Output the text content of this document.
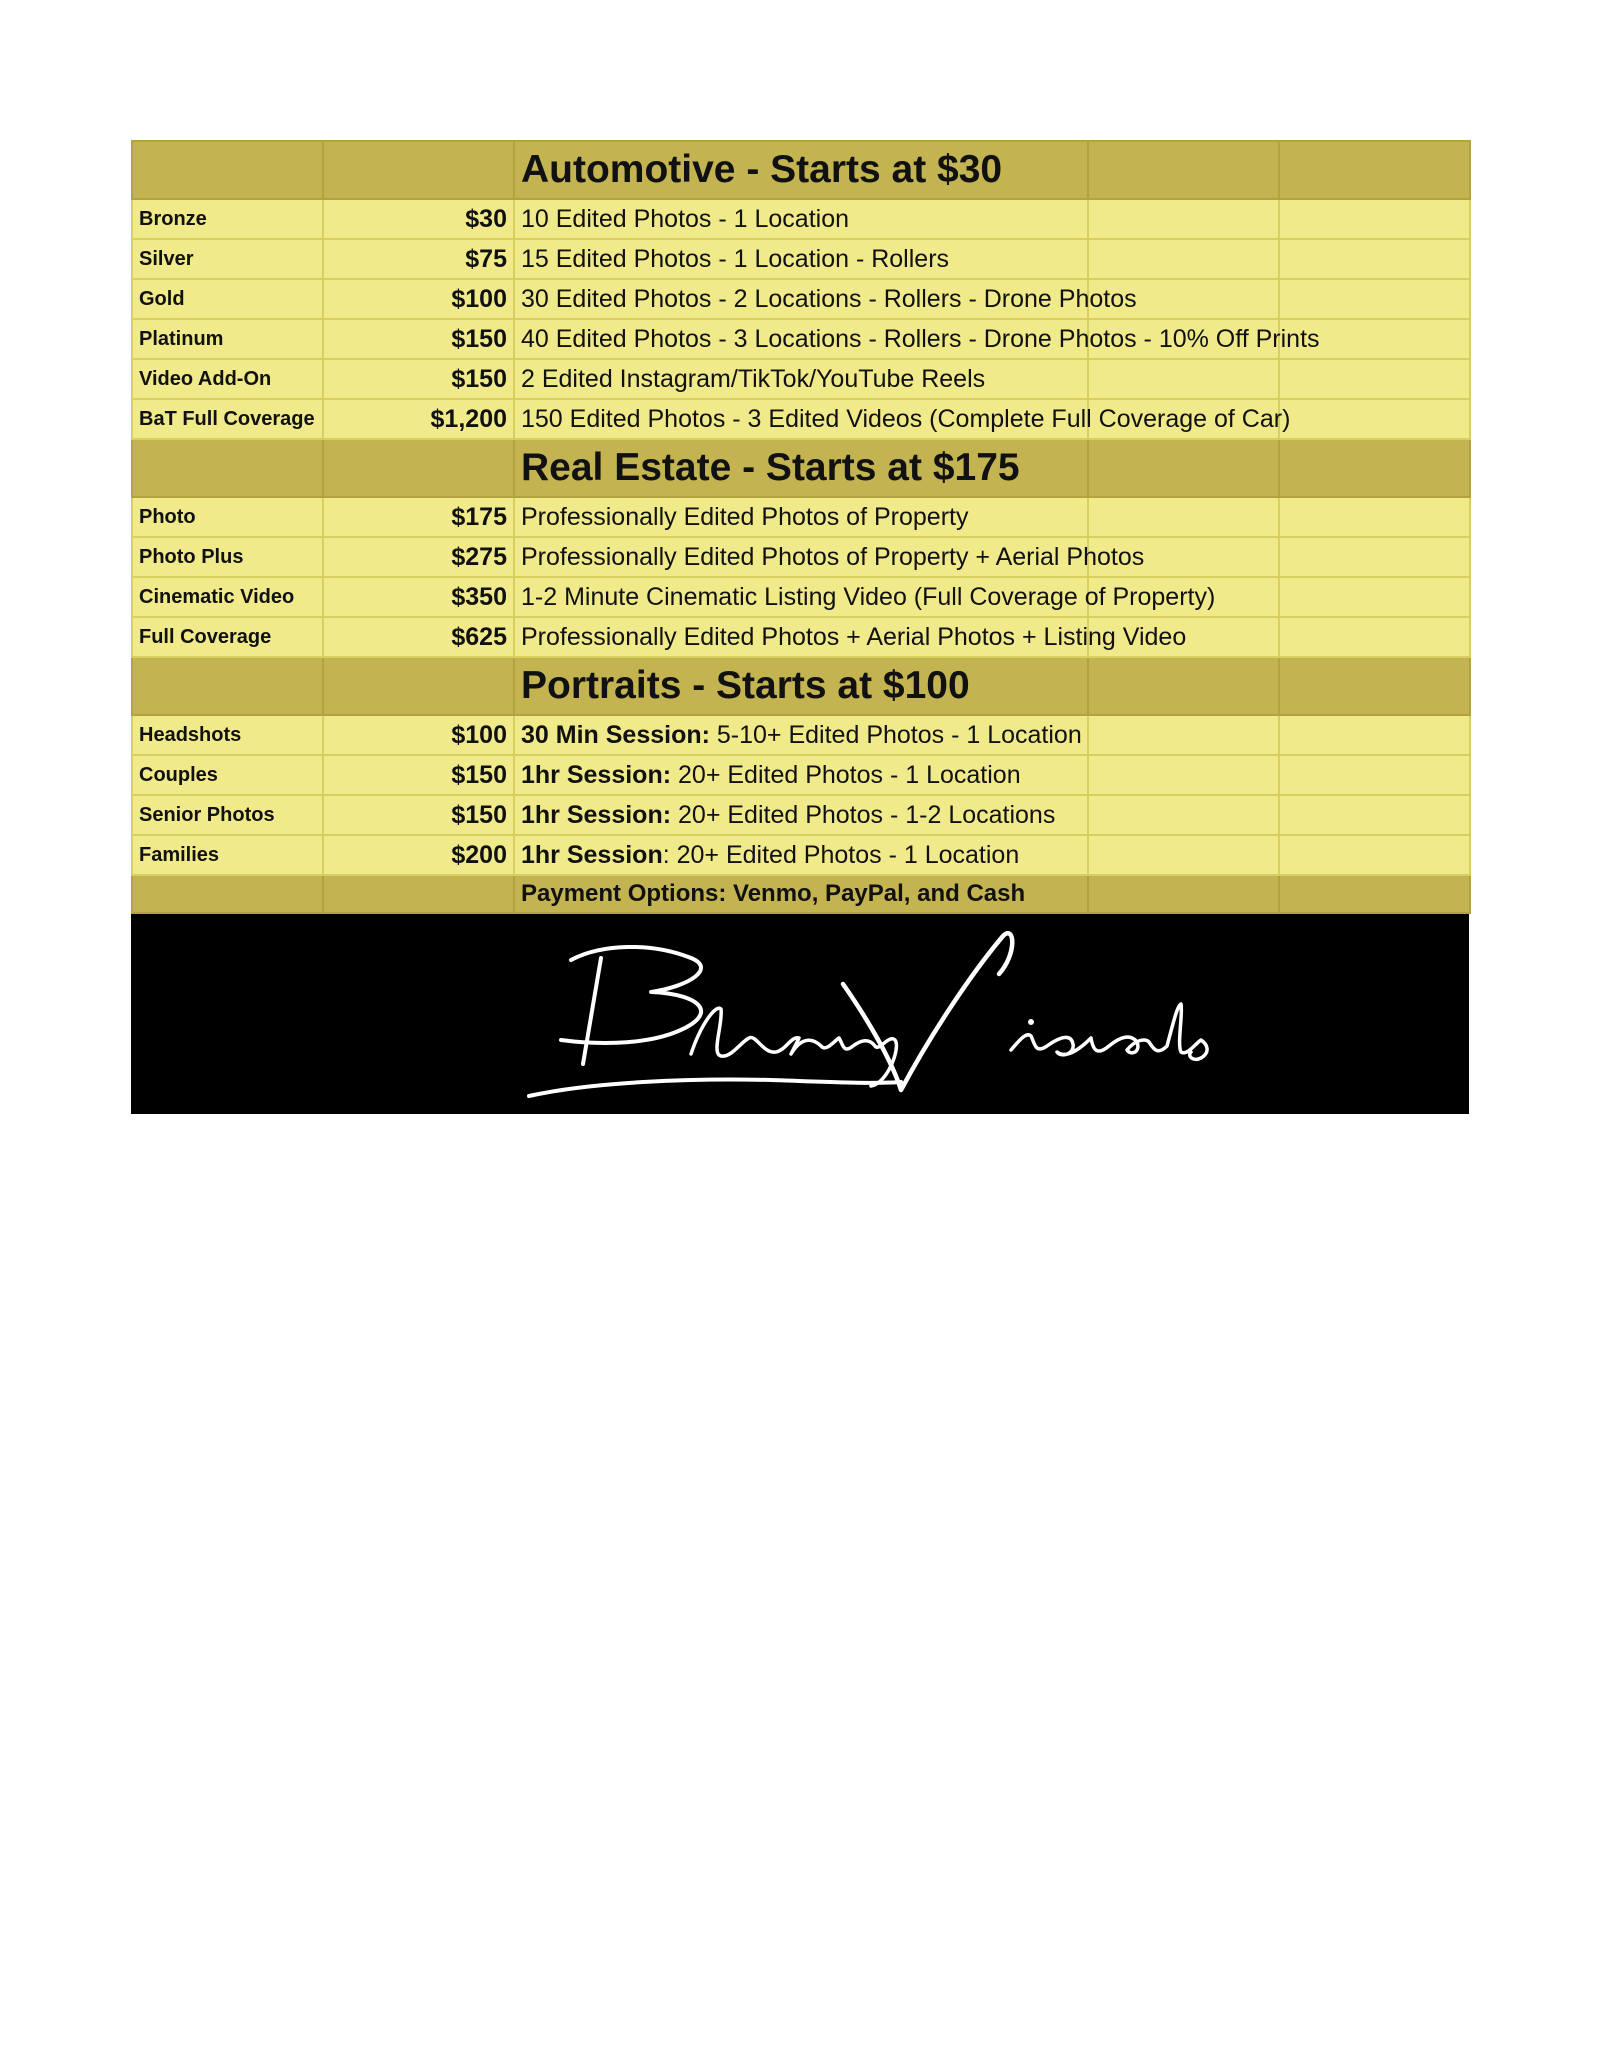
		Automotive - Starts at $30		
Bronze	$30	10 Edited Photos - 1 Location		
Silver	$75	15 Edited Photos - 1 Location - Rollers		
Gold	$100	30 Edited Photos - 2 Locations - Rollers - Drone Photos		
Platinum	$150	40 Edited Photos - 3 Locations - Rollers - Drone Photos - 10% Off Prints		
Video Add-On	$150	2 Edited Instagram/TikTok/YouTube Reels		
BaT Full Coverage	$1,200	150 Edited Photos - 3 Edited Videos (Complete Full Coverage of Car)		
		Real Estate - Starts at $175		
Photo	$175	Professionally Edited Photos of Property		
Photo Plus	$275	Professionally Edited Photos of Property + Aerial Photos		
Cinematic Video	$350	1-2 Minute Cinematic Listing Video (Full Coverage of Property)		
Full Coverage	$625	Professionally Edited Photos + Aerial Photos + Listing Video		
		Portraits - Starts at $100		
Headshots	$100	30 Min Session: 5-10+ Edited Photos - 1 Location		
Couples	$150	1hr Session: 20+ Edited Photos - 1 Location		
Senior Photos	$150	1hr Session: 20+ Edited Photos - 1-2 Locations		
Families	$200	1hr Session: 20+ Edited Photos - 1 Location		
		Payment Options: Venmo, PayPal, and Cash		
